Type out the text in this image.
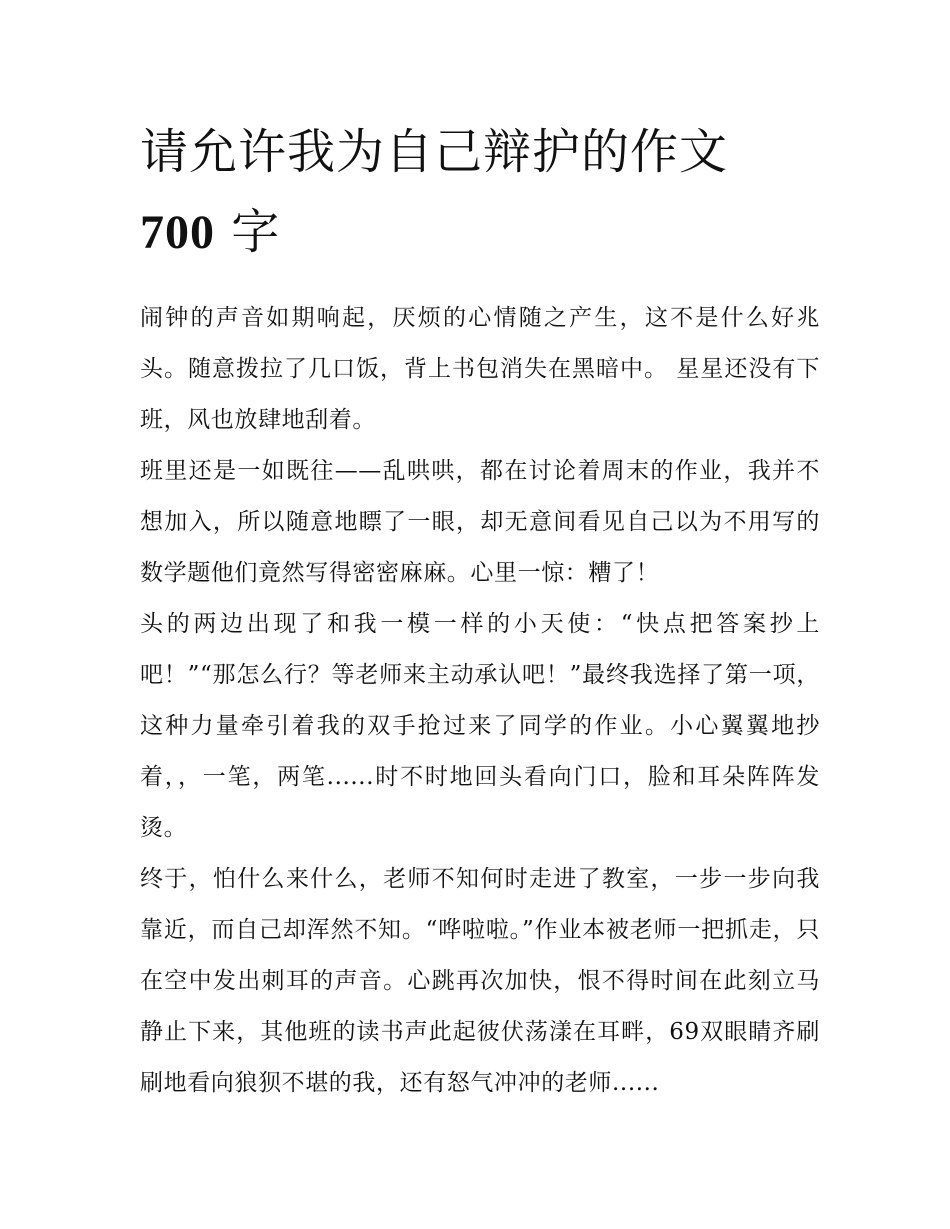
请允许我为自己辩护的作文
700 字

闹钟的声音如期响起，厌烦的心情随之产生，这不是什么好兆头。随意拨拉了几口饭，背上书包消失在黑暗中。 星星还没有下班，风也放肆地刮着。

班里还是一如既往——乱哄哄，都在讨论着周末的作业，我并不想加入，所以随意地瞟了一眼，却无意间看见自己以为不用写的数学题他们竟然写得密密麻麻。心里一惊：糟了！

头的两边出现了和我一模一样的小天使：“快点把答案抄上吧！”“那怎么行？等老师来主动承认吧！”最终我选择了第一项，这种力量牵引着我的双手抢过来了同学的作业。小心翼翼地抄着，，一笔，两笔......时不时地回头看向门口，脸和耳朵阵阵发烫。

终于，怕什么来什么，老师不知何时走进了教室，一步一步向我靠近，而自己却浑然不知。“哗啦啦。”作业本被老师一把抓走，只在空中发出刺耳的声音。心跳再次加快，恨不得时间在此刻立马静止下来，其他班的读书声此起彼伏荡漾在耳畔，69双眼睛齐刷刷地看向狼狈不堪的我，还有怒气冲冲的老师......
